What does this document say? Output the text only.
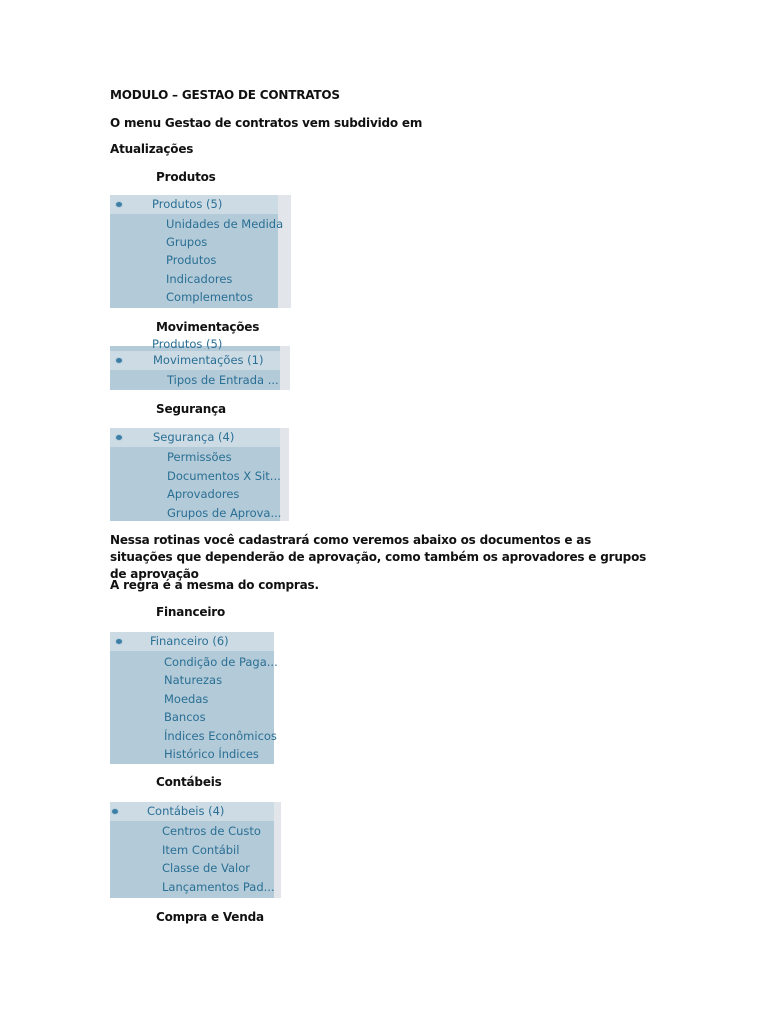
MODULO – GESTAO DE CONTRATOS
O menu Gestao de contratos vem subdivido em
Atualizações
Produtos
Produtos (5)
Unidades de Medida
Grupos
Produtos
Indicadores
Complementos
Movimentações
Produtos (5)
Movimentações (1)
Tipos de Entrada ...
Segurança
Segurança (4)
Permissões
Documentos X Sit...
Aprovadores
Grupos de Aprova...
Nessa rotinas você cadastrará como veremos abaixo os documentos e as situações que dependerão de aprovação, como também os aprovadores e grupos de aprovação
A regra é a mesma do compras.
Financeiro
Financeiro (6)
Condição de Paga...
Naturezas
Moedas
Bancos
Índices Econômicos
Histórico Índices
Contábeis
Contábeis (4)
Centros de Custo
Item Contábil
Classe de Valor
Lançamentos Pad...
Compra e Venda
